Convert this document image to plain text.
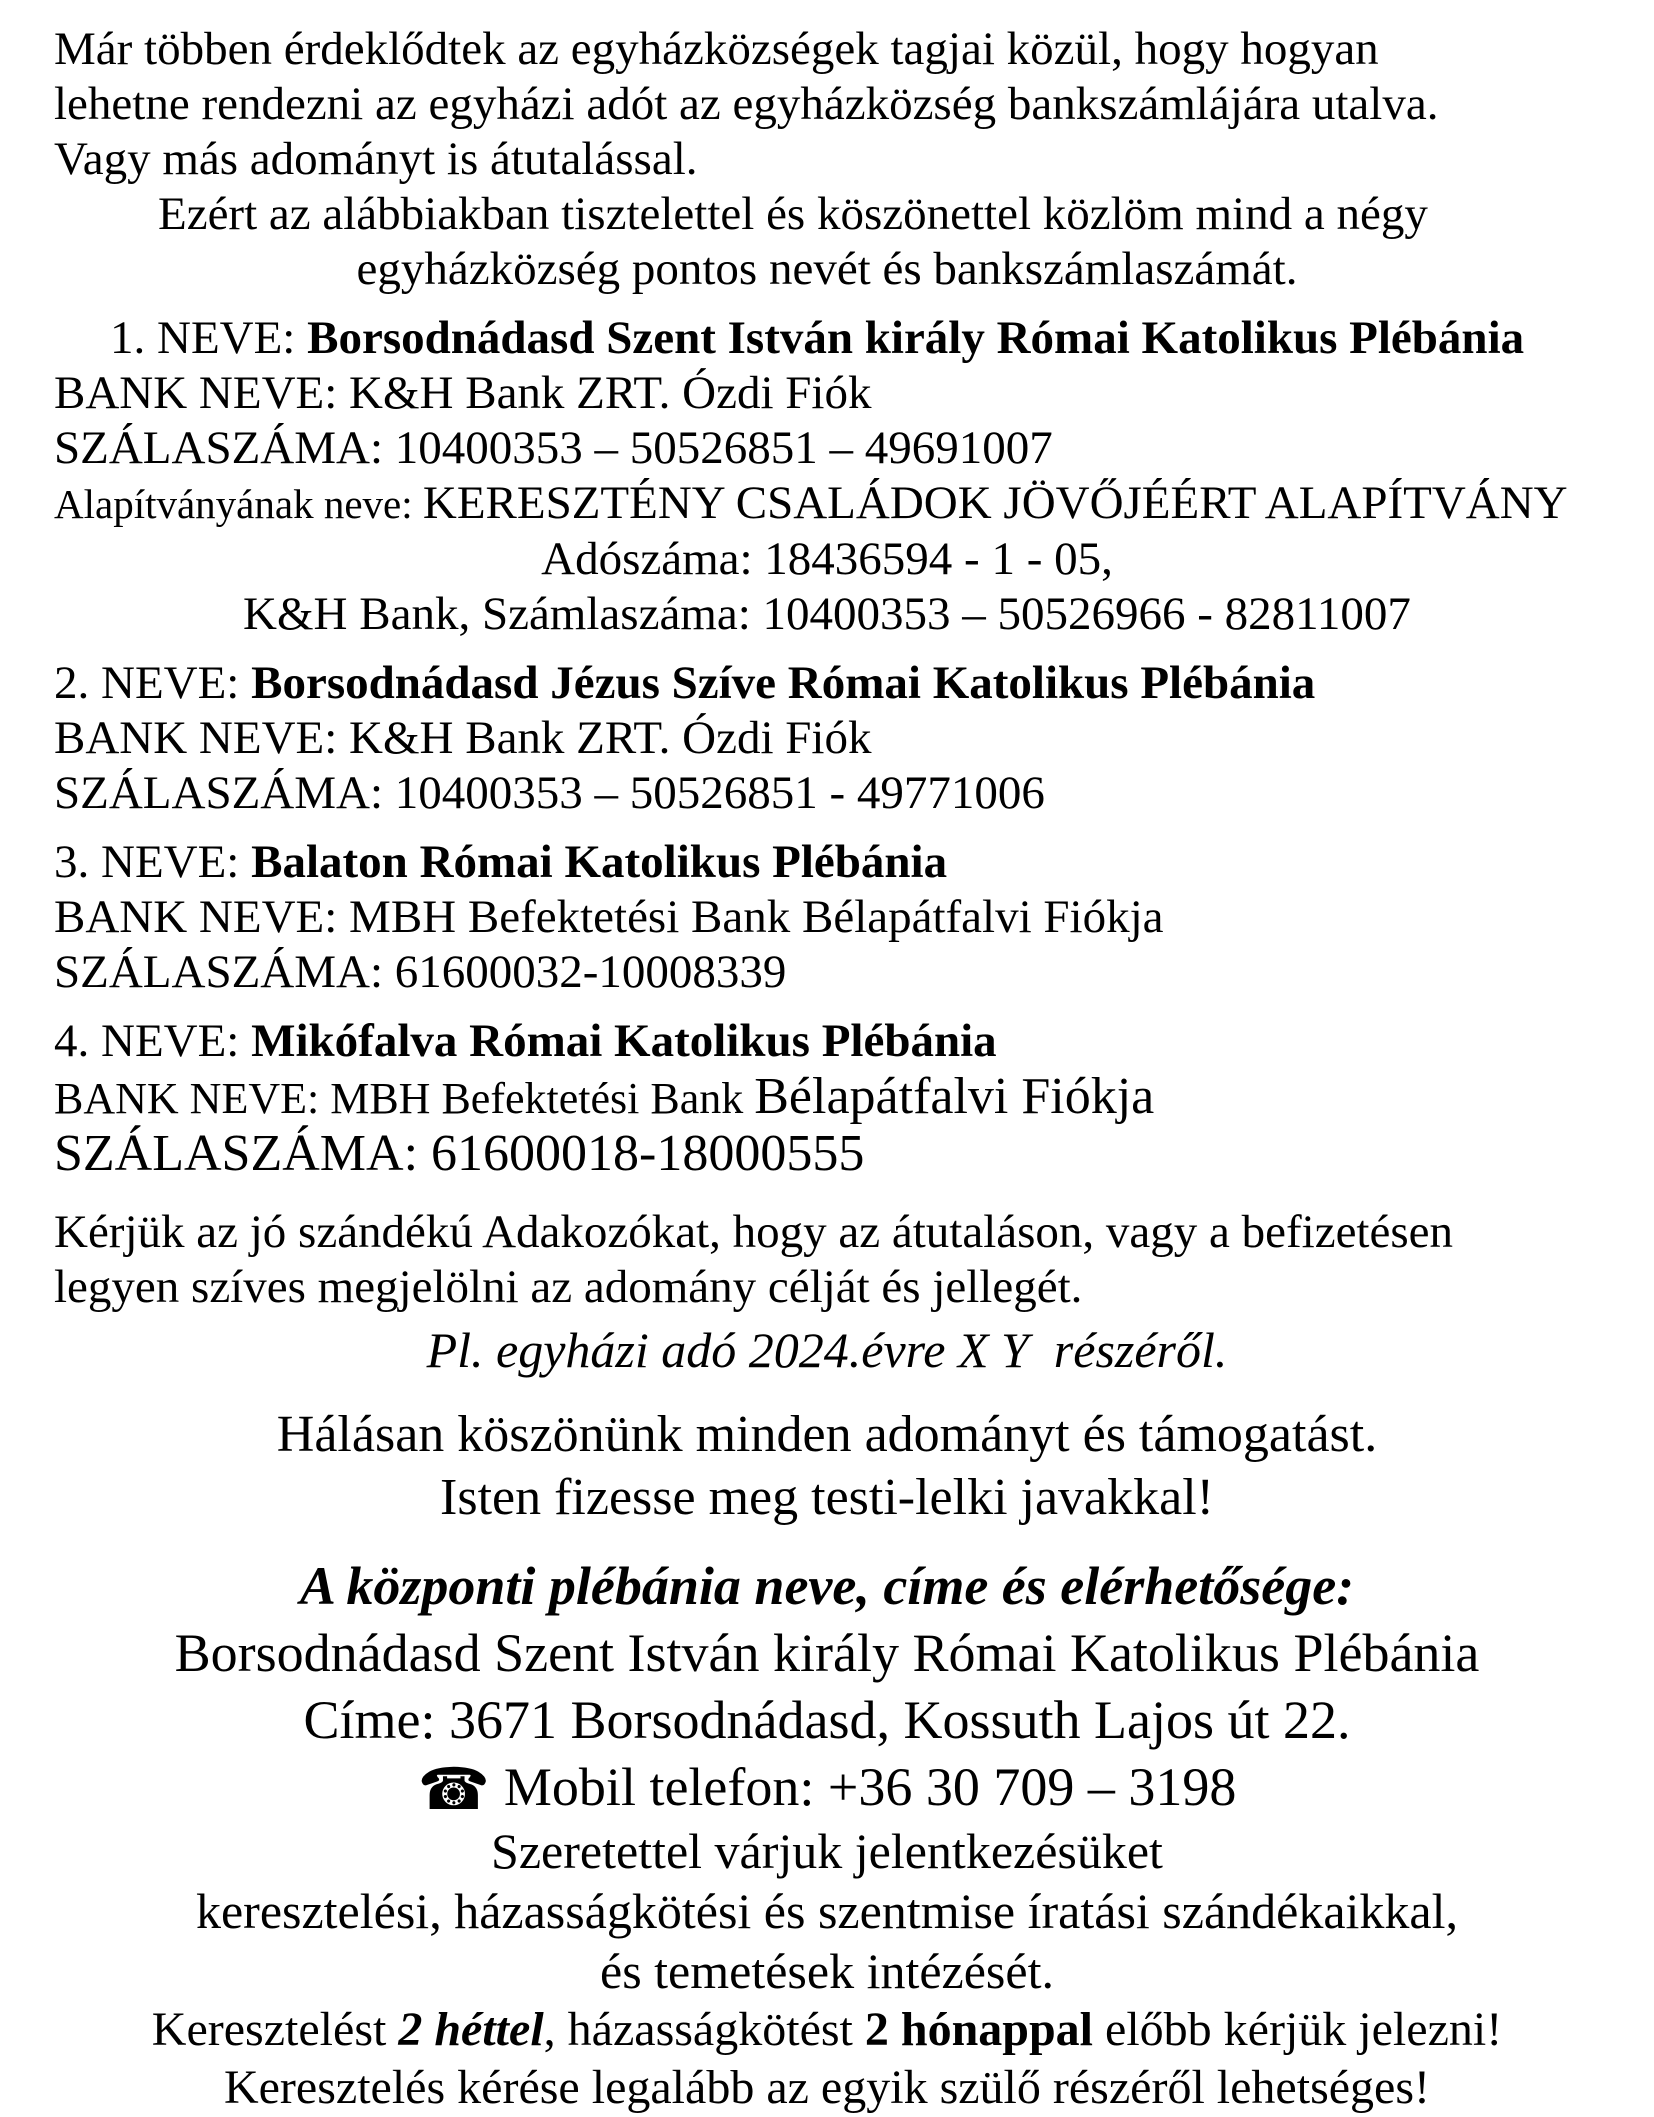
Már többen érdeklődtek az egyházközségek tagjai közül, hogy hogyan
lehetne rendezni az egyházi adót az egyházközség bankszámlájára utalva.
Vagy más adományt is átutalással.
Ezért az alábbiakban tisztelettel és köszönettel közlöm mind a négy
egyházközség pontos nevét és bankszámlaszámát.
1. NEVE: Borsodnádasd Szent István király Római Katolikus Plébánia
BANK NEVE: K&H Bank ZRT. Ózdi Fiók
SZÁLASZÁMA: 10400353 – 50526851 – 49691007
Alapítványának neve: KERESZTÉNY CSALÁDOK JÖVŐJÉÉRT ALAPÍTVÁNY
Adószáma: 18436594 - 1 - 05,
K&H Bank, Számlaszáma: 10400353 – 50526966 - 82811007
2. NEVE: Borsodnádasd Jézus Szíve Római Katolikus Plébánia
BANK NEVE: K&H Bank ZRT. Ózdi Fiók
SZÁLASZÁMA: 10400353 – 50526851 - 49771006
3. NEVE: Balaton Római Katolikus Plébánia
BANK NEVE: MBH Befektetési Bank Bélapátfalvi Fiókja
SZÁLASZÁMA: 61600032-10008339
4. NEVE: Mikófalva Római Katolikus Plébánia
BANK NEVE: MBH Befektetési Bank Bélapátfalvi Fiókja
SZÁLASZÁMA: 61600018-18000555
Kérjük az jó szándékú Adakozókat, hogy az átutaláson, vagy a befizetésen
legyen szíves megjelölni az adomány célját és jellegét.
Pl. egyházi adó 2024.évre X Y  részéről.
Hálásan köszönünk minden adományt és támogatást.
Isten fizesse meg testi-lelki javakkal!
A központi plébánia neve, címe és elérhetősége:
Borsodnádasd Szent István király Római Katolikus Plébánia
Címe: 3671 Borsodnádasd, Kossuth Lajos út 22.
☎ Mobil telefon: +36 30 709 – 3198
Szeretettel várjuk jelentkezésüket
keresztelési, házasságkötési és szentmise íratási szándékaikkal,
és temetések intézését.
Keresztelést 2 héttel, házasságkötést 2 hónappal előbb kérjük jelezni!
Keresztelés kérése legalább az egyik szülő részéről lehetséges!
